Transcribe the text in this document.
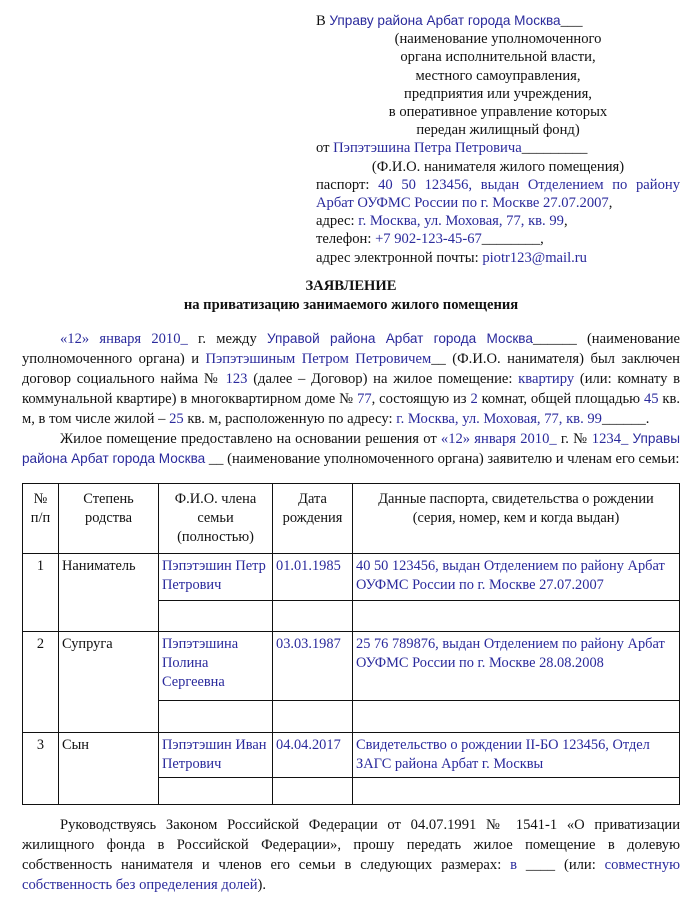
В Управу района Арбат города Москва___
(наименование уполномоченного
органа исполнительной власти,
местного самоуправления,
предприятия или учреждения,
в оперативное управление которых
передан жилищный фонд)
от Пэпэтэшина Петра Петровича_________
(Ф.И.О. нанимателя жилого помещения)
паспорт: 40 50 123456, выдан Отделением по району Арбат ОУФМС России по г. Москве 27.07.2007,
адрес: г. Москва, ул. Моховая, 77, кв. 99,
телефон: +7 902-123-45-67________,
адрес электронной почты: piotr123@mail.ru
ЗАЯВЛЕНИЕ
на приватизацию занимаемого жилого помещения
«12» января 2010_ г. между Управой района Арбат города Москва______ (наименование уполномоченного органа) и Пэпэтэшиным Петром Петровичем__ (Ф.И.О. нанимателя) был заключен договор социального найма № 123 (далее – Договор) на жилое помещение: квартиру (или: комнату в коммунальной квартире) в многоквартирном доме № 77, состоящую из 2 комнат, общей площадью 45 кв. м, в том числе жилой – 25 кв. м, расположенную по адресу: г. Москва, ул. Моховая, 77, кв. 99______.
Жилое помещение предоставлено на основании решения от «12» января 2010_ г. № 1234_ Управы района Арбат города Москва __ (наименование уполномоченного органа) заявителю и членам его семьи:
№ п/п	Степень родства	Ф.И.О. члена семьи (полностью)	Дата рождения	Данные паспорта, свидетельства о рождении (серия, номер, кем и когда выдан)
1	Наниматель	Пэпэтэшин Петр Петрович	01.01.1985	40 50 123456, выдан Отделением по району Арбат ОУФМС России по г. Москве 27.07.2007

2	Супруга	Пэпэтэшина Полина Сергеевна	03.03.1987	25 76 789876, выдан Отделением по району Арбат ОУФМС России по г. Москве 28.08.2008

3	Сын	Пэпэтэшин Иван Петрович	04.04.2017	Свидетельство о рождении II-БО 123456, Отдел ЗАГС района Арбат г. Москвы

Руководствуясь Законом Российской Федерации от 04.07.1991 № 1541-1 «О приватизации жилищного фонда в Российской Федерации», прошу передать жилое помещение в долевую собственность нанимателя и членов его семьи в следующих размерах: в ____ (или: совместную собственность без определения долей).
